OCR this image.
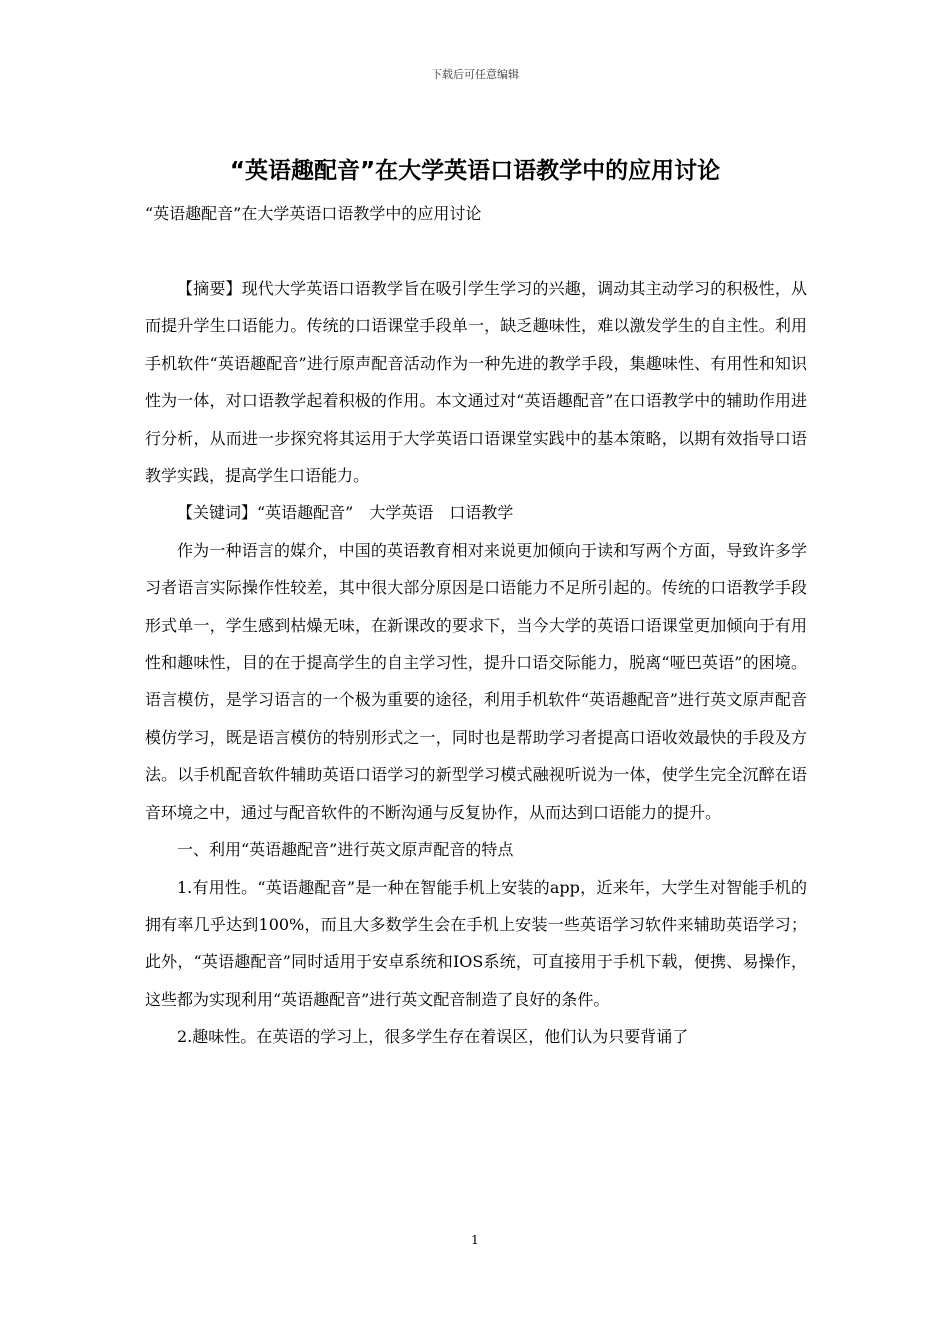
下载后可任意编辑
“英语趣配音”在大学英语口语教学中的应用讨论

“英语趣配音”在大学英语口语教学中的应用讨论

【摘要】现代大学英语口语教学旨在吸引学生学习的兴趣，调动其主动学习的积极性，从而提升学生口语能力。传统的口语课堂手段单一，缺乏趣味性，难以激发学生的自主性。利用手机软件“英语趣配音”进行原声配音活动作为一种先进的教学手段，集趣味性、有用性和知识性为一体，对口语教学起着积极的作用。本文通过对“英语趣配音”在口语教学中的辅助作用进行分析，从而进一步探究将其运用于大学英语口语课堂实践中的基本策略，以期有效指导口语教学实践，提高学生口语能力。

【关键词】“英语趣配音”　大学英语　口语教学

作为一种语言的媒介，中国的英语教育相对来说更加倾向于读和写两个方面，导致许多学习者语言实际操作性较差，其中很大部分原因是口语能力不足所引起的。传统的口语教学手段形式单一，学生感到枯燥无味，在新课改的要求下，当今大学的英语口语课堂更加倾向于有用性和趣味性，目的在于提高学生的自主学习性，提升口语交际能力，脱离“哑巴英语”的困境。语言模仿，是学习语言的一个极为重要的途径，利用手机软件“英语趣配音”进行英文原声配音模仿学习，既是语言模仿的特别形式之一，同时也是帮助学习者提高口语收效最快的手段及方法。以手机配音软件辅助英语口语学习的新型学习模式融视听说为一体，使学生完全沉醉在语音环境之中，通过与配音软件的不断沟通与反复协作，从而达到口语能力的提升。

一、利用“英语趣配音”进行英文原声配音的特点

1.有用性。“英语趣配音”是一种在智能手机上安装的app，近来年，大学生对智能手机的拥有率几乎达到100%，而且大多数学生会在手机上安装一些英语学习软件来辅助英语学习；此外，“英语趣配音”同时适用于安卓系统和IOS系统，可直接用于手机下载，便携、易操作，这些都为实现利用“英语趣配音”进行英文配音制造了良好的条件。

2.趣味性。在英语的学习上，很多学生存在着误区，他们认为只要背诵了

1
